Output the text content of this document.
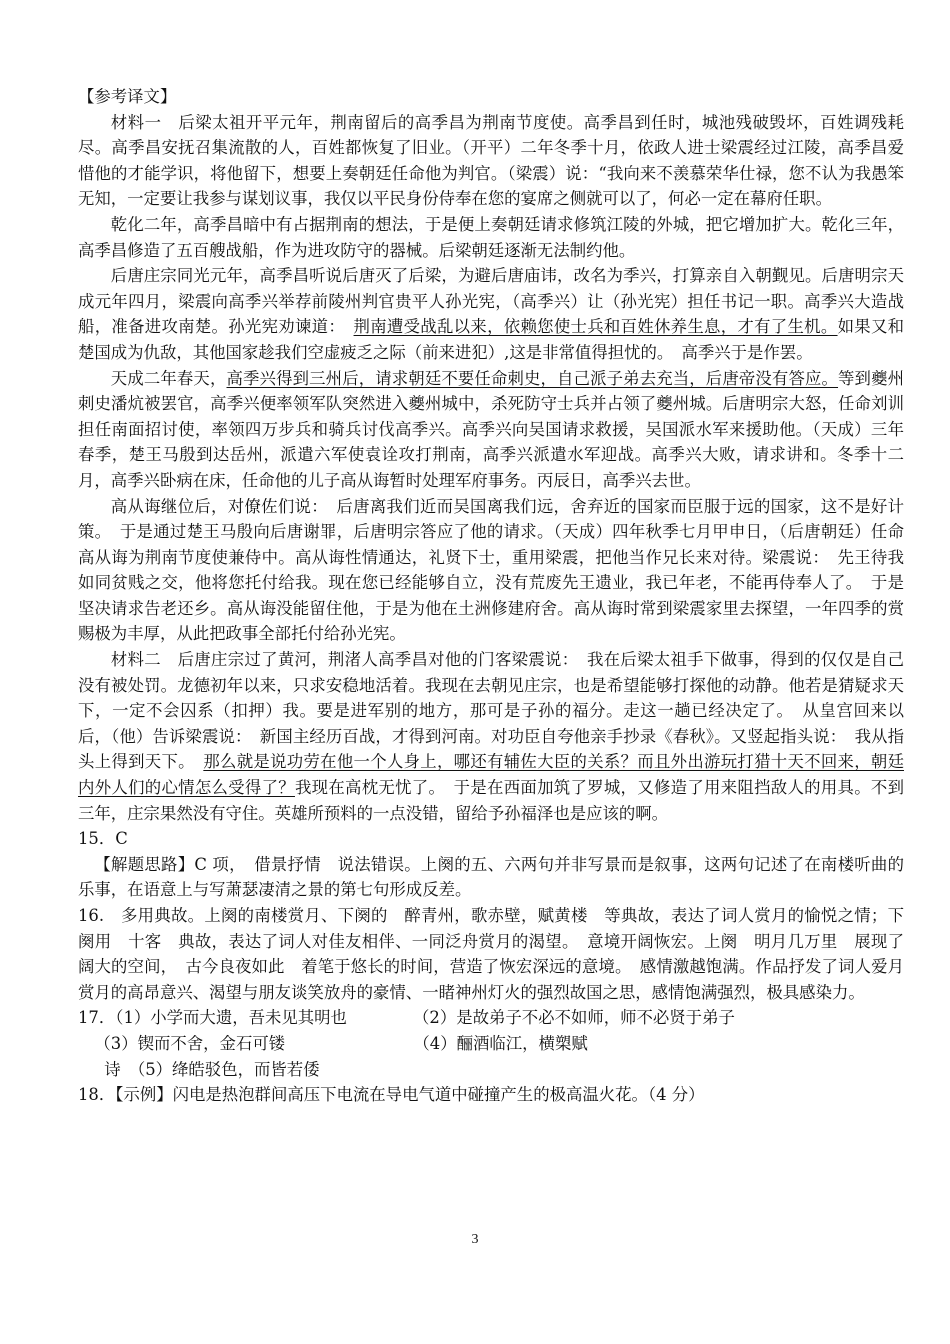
【参考译文】

材料一　后梁太祖开平元年，荆南留后的高季昌为荆南节度使。高季昌到任时，城池残破毁坏，百姓调残耗尽。高季昌安抚召集流散的人，百姓都恢复了旧业。（开平）二年冬季十月，依政人进士梁震经过江陵，高季昌爱惜他的才能学识，将他留下，想要上奏朝廷任命他为判官。（梁震）说：“我向来不羡慕荣华仕禄，您不认为我愚笨无知，一定要让我参与谋划议事，我仅以平民身份侍奉在您的宴席之侧就可以了，何必一定在幕府任职。

乾化二年，高季昌暗中有占据荆南的想法，于是便上奏朝廷请求修筑江陵的外城，把它增加扩大。乾化三年，高季昌修造了五百艘战船，作为进攻防守的器械。后梁朝廷逐渐无法制约他。

后唐庄宗同光元年，高季昌听说后唐灭了后梁，为避后唐庙讳，改名为季兴，打算亲自入朝觐见。后唐明宗天成元年四月，梁震向高季兴举荐前陵州判官贵平人孙光宪，（高季兴）让（孙光宪）担任书记一职。高季兴大造战船，准备进攻南楚。孙光宪劝谏道：　 荆南遭受战乱以来，依赖您使士兵和百姓休养生息，才有了生机。如果又和楚国成为仇敌，其他国家趁我们空虚疲乏之际（前来进犯）,这是非常值得担忧的。　高季兴于是作罢。

天成二年春天，高季兴得到三州后，请求朝廷不要任命刺史，自己派子弟去充当，后唐帝没有答应。等到夔州刺史潘炕被罢官，高季兴便率领军队突然进入夔州城中，杀死防守士兵并占领了夔州城。后唐明宗大怒，任命刘训担任南面招讨使，率领四万步兵和骑兵讨伐高季兴。高季兴向吴国请求救援，吴国派水军来援助他。（天成）三年春季，楚王马殷到达岳州，派遣六军使袁诠攻打荆南，高季兴派遣水军迎战。高季兴大败，请求讲和。冬季十二月，高季兴卧病在床，任命他的儿子高从诲暂时处理军府事务。丙辰日，高季兴去世。

高从诲继位后，对僚佐们说：　后唐离我们近而吴国离我们远，舍弃近的国家而臣服于远的国家，这不是好计策。　于是通过楚王马殷向后唐谢罪，后唐明宗答应了他的请求。（天成）四年秋季七月甲申日，（后唐朝廷）任命高从诲为荆南节度使兼侍中。高从诲性情通达，礼贤下士，重用梁震，把他当作兄长来对待。梁震说：　先王待我如同贫贱之交，他将您托付给我。现在您已经能够自立，没有荒废先王遗业，我已年老，不能再侍奉人了。　于是坚决请求告老还乡。高从诲没能留住他，于是为他在土洲修建府舍。高从诲时常到梁震家里去探望，一年四季的赏赐极为丰厚，从此把政事全部托付给孙光宪。

材料二　后唐庄宗过了黄河，荆渚人高季昌对他的门客梁震说：　我在后梁太祖手下做事，得到的仅仅是自己没有被处罚。龙德初年以来，只求安稳地活着。我现在去朝见庄宗，也是希望能够打探他的动静。他若是猜疑求天下，一定不会囚系（扣押）我。要是进军别的地方，那可是子孙的福分。走这一趟已经决定了。　从皇宫回来以后，（他）告诉梁震说：　新国主经历百战，才得到河南。对功臣自夸他亲手抄录《春秋》。又竖起指头说：　我从指头上得到天下。　那么就是说功劳在他一个人身上，哪还有辅佐大臣的关系？而且外出游玩打猎十天不回来，朝廷内外人们的心情怎么受得了？我现在高枕无忧了。　于是在西面加筑了罗城，又修造了用来阻挡敌人的用具。不到三年，庄宗果然没有守住。英雄所预料的一点没错，留给予孙福泽也是应该的啊。

15．C

【解题思路】C 项，　借景抒情　说法错误。上阕的五、六两句并非写景而是叙事，这两句记述了在南楼听曲的乐事，在语意上与写萧瑟凄清之景的第七句形成反差。

16.　多用典故。上阕的南楼赏月、下阕的　醉青州，歌赤壁，赋黄楼　等典故，表达了词人赏月的愉悦之情；下阕用　十客　典故，表达了词人对佳友相伴、一同泛舟赏月的渴望。　意境开阔恢宏。上阕　明月几万里　展现了阔大的空间，　古今良夜如此　着笔于悠长的时间，营造了恢宏深远的意境。　感情激越饱满。作品抒发了词人爱月赏月的高昂意兴、渴望与朋友谈笑放舟的豪情、一睹神州灯火的强烈故国之思，感情饱满强烈，极具感染力。

17．（1）小学而大遗，吾未见其明也	（2）是故弟子不必不如师，师不必贤于弟子
（3）锲而不舍，金石可镂	（4）酾酒临江，横槊赋

诗　（5）绛皓驳色，而皆若倭

18．【示例】闪电是热泡群间高压下电流在导电气道中碰撞产生的极高温火花。（4 分）

3
